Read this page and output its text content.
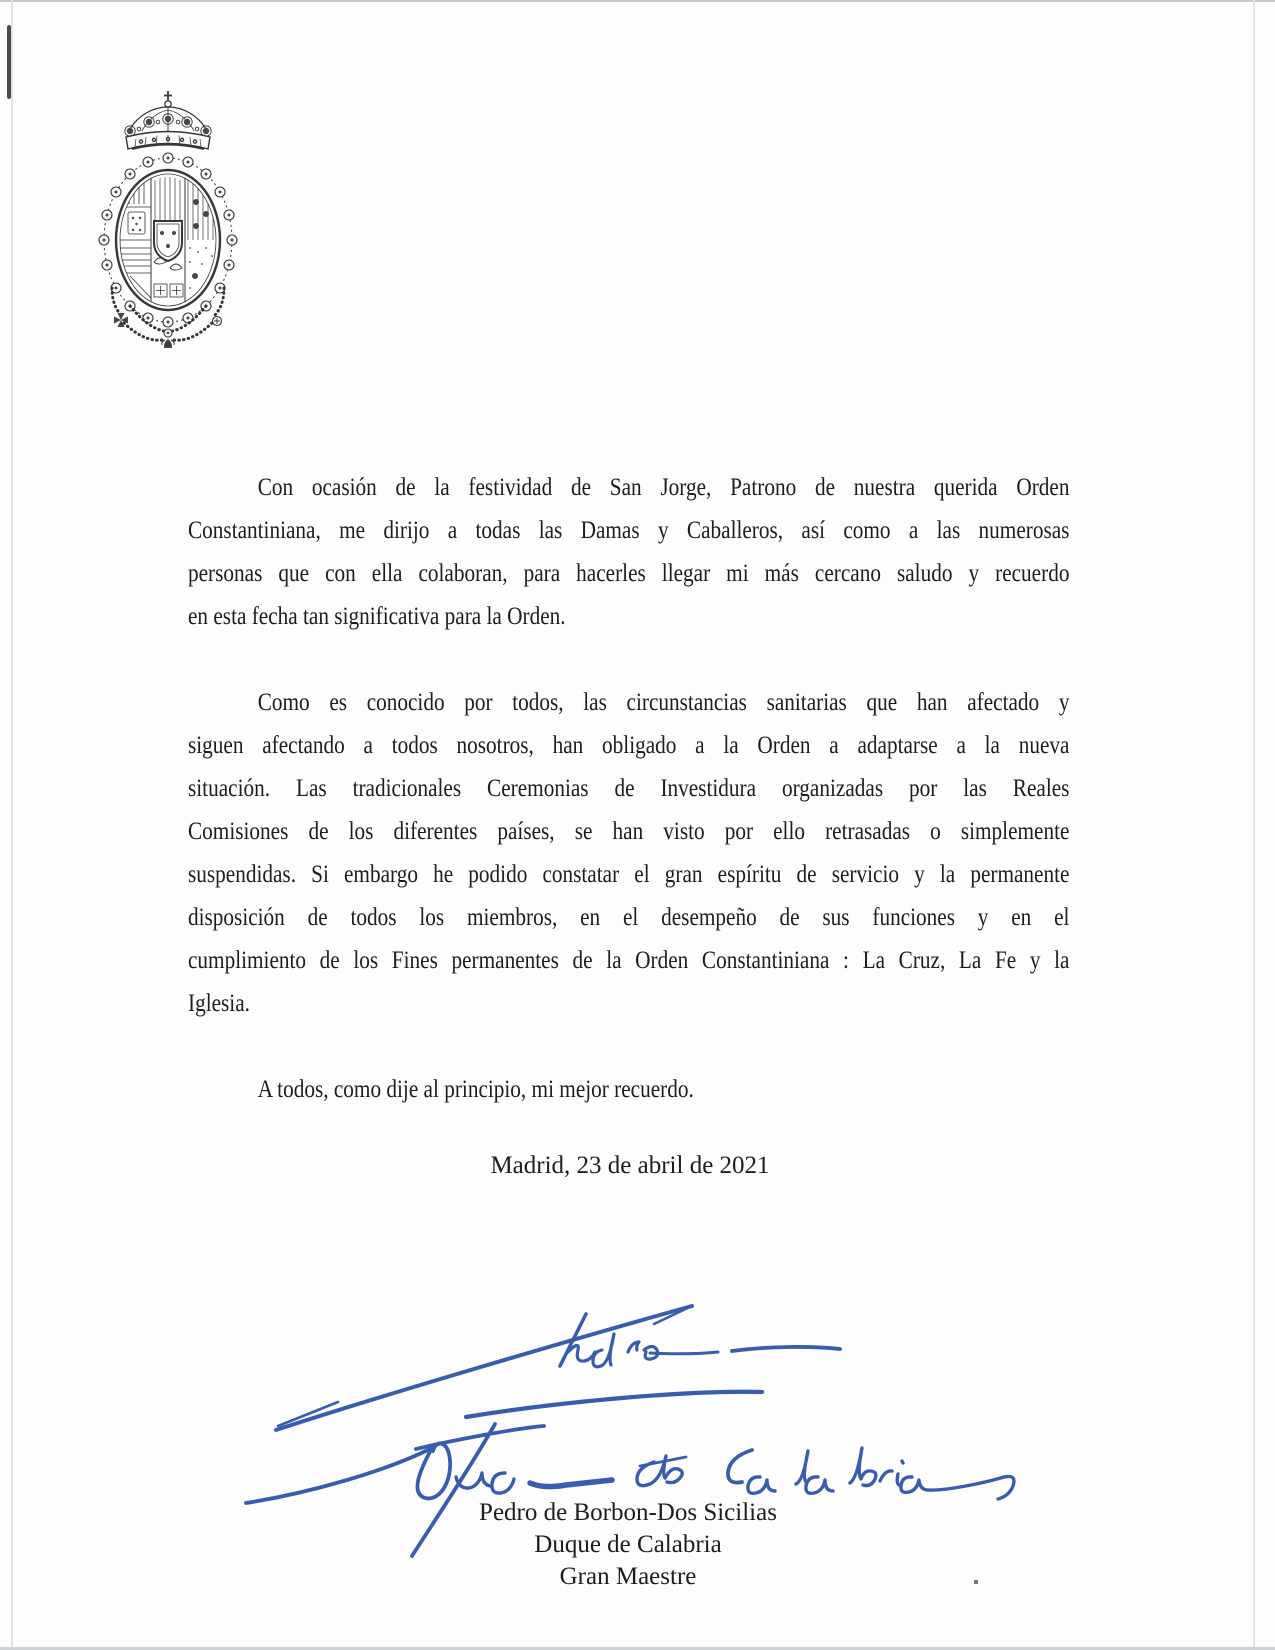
Con ocasión de la festividad de San Jorge, Patrono de nuestra querida Orden
Constantiniana, me dirijo a todas las Damas y Caballeros, así como a las numerosas
personas que con ella colaboran, para hacerles llegar mi más cercano saludo y recuerdo
en esta fecha tan significativa para la Orden.
Como es conocido por todos, las circunstancias sanitarias que han afectado y
siguen afectando a todos nosotros, han obligado a la Orden a adaptarse a la nueva
situación. Las tradicionales Ceremonias de Investidura organizadas por las Reales
Comisiones de los diferentes países, se han visto por ello retrasadas o simplemente
suspendidas. Si embargo he podido constatar el gran espíritu de servicio y la permanente
disposición de todos los miembros, en el desempeño de sus funciones y en el
cumplimiento de los Fines permanentes de la Orden Constantiniana : La Cruz, La Fe y la
Iglesia.
A todos, como dije al principio, mi mejor recuerdo.
Madrid, 23 de abril de 2021
Pedro de Borbon-Dos Sicilias
Duque de Calabria
Gran Maestre
